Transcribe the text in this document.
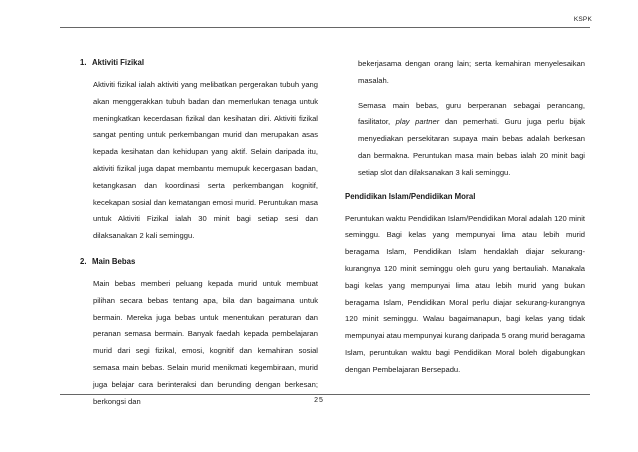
KSPK
1. Aktiviti Fizikal

Aktiviti fizikal ialah aktiviti yang melibatkan pergerakan tubuh yang akan menggerakkan tubuh badan dan memerlukan tenaga untuk meningkatkan kecerdasan fizikal dan kesihatan diri. Aktiviti fizikal sangat penting untuk perkembangan murid dan merupakan asas kepada kesihatan dan kehidupan yang aktif. Selain daripada itu, aktiviti fizikal juga dapat membantu memupuk kecergasan badan, ketangkasan dan koordinasi serta perkembangan kognitif, kecekapan sosial dan kematangan emosi murid. Peruntukan masa untuk Aktiviti Fizikal ialah 30 minit bagi setiap sesi dan dilaksanakan 2 kali seminggu.

2. Main Bebas

Main bebas memberi peluang kepada murid untuk membuat pilihan secara bebas tentang apa, bila dan bagaimana untuk bermain. Mereka juga bebas untuk menentukan peraturan dan peranan semasa bermain. Banyak faedah kepada pembelajaran murid dari segi fizikal, emosi, kognitif dan kemahiran sosial semasa main bebas. Selain murid menikmati kegembiraan, murid juga belajar cara berinteraksi dan berunding dengan berkesan; berkongsi dan

bekerjasama dengan orang lain; serta kemahiran menyelesaikan masalah.

Semasa main bebas, guru berperanan sebagai perancang, fasilitator, play partner dan pemerhati. Guru juga perlu bijak menyediakan persekitaran supaya main bebas adalah berkesan dan bermakna. Peruntukan masa main bebas ialah 20 minit bagi setiap slot dan dilaksanakan 3 kali seminggu.

Pendidikan Islam/Pendidikan Moral

Peruntukan waktu Pendidikan Islam/Pendidikan Moral adalah 120 minit seminggu. Bagi kelas yang mempunyai lima atau lebih murid beragama Islam, Pendidikan Islam hendaklah diajar sekurang-kurangnya 120 minit seminggu oleh guru yang bertauliah. Manakala bagi kelas yang mempunyai lima atau lebih murid yang bukan beragama Islam, Pendidikan Moral perlu diajar sekurang-kurangnya 120 minit seminggu. Walau bagaimanapun, bagi kelas yang tidak mempunyai atau mempunyai kurang daripada 5 orang murid beragama Islam, peruntukan waktu bagi Pendidikan Moral boleh digabungkan dengan Pembelajaran Bersepadu.

25
